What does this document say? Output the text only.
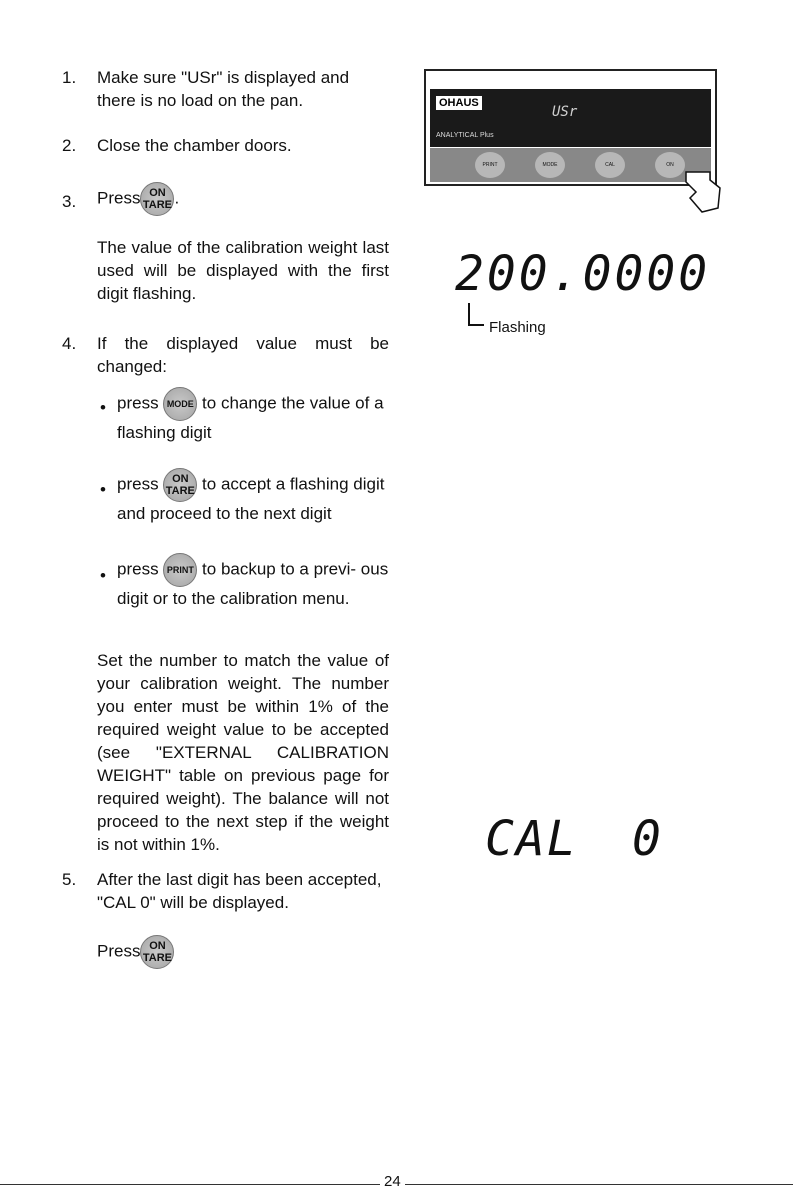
1. Make sure "USr" is displayed and there is no load on the pan.
2. Close the chamber doors.
3. Press ON
TARE .
The value of the calibration weight last used will be displayed with the first digit flashing.
4. If the displayed value must be changed:
• press MODE to change the value of a flashing digit
• press	ON
TARE to accept a flashing digit and proceed to the next digit
• press PRINT to backup to a previ- ous digit or to the calibration menu.
Set the number to match the value of your calibration weight. The number you enter must be within 1% of the required weight value to be accepted (see "EXTERNAL CALIBRATION WEIGHT" table on previous page for required weight). The balance will not proceed to the next step if the weight is not within 1%.
5. After the last digit has been accepted, "CAL 0" will be displayed.
Press ON
TARE
OHAUS
USr
ANALYTICAL Plus
PRINT	MODE	CAL	ON
200.0000
Flashing
CAL 0
24
